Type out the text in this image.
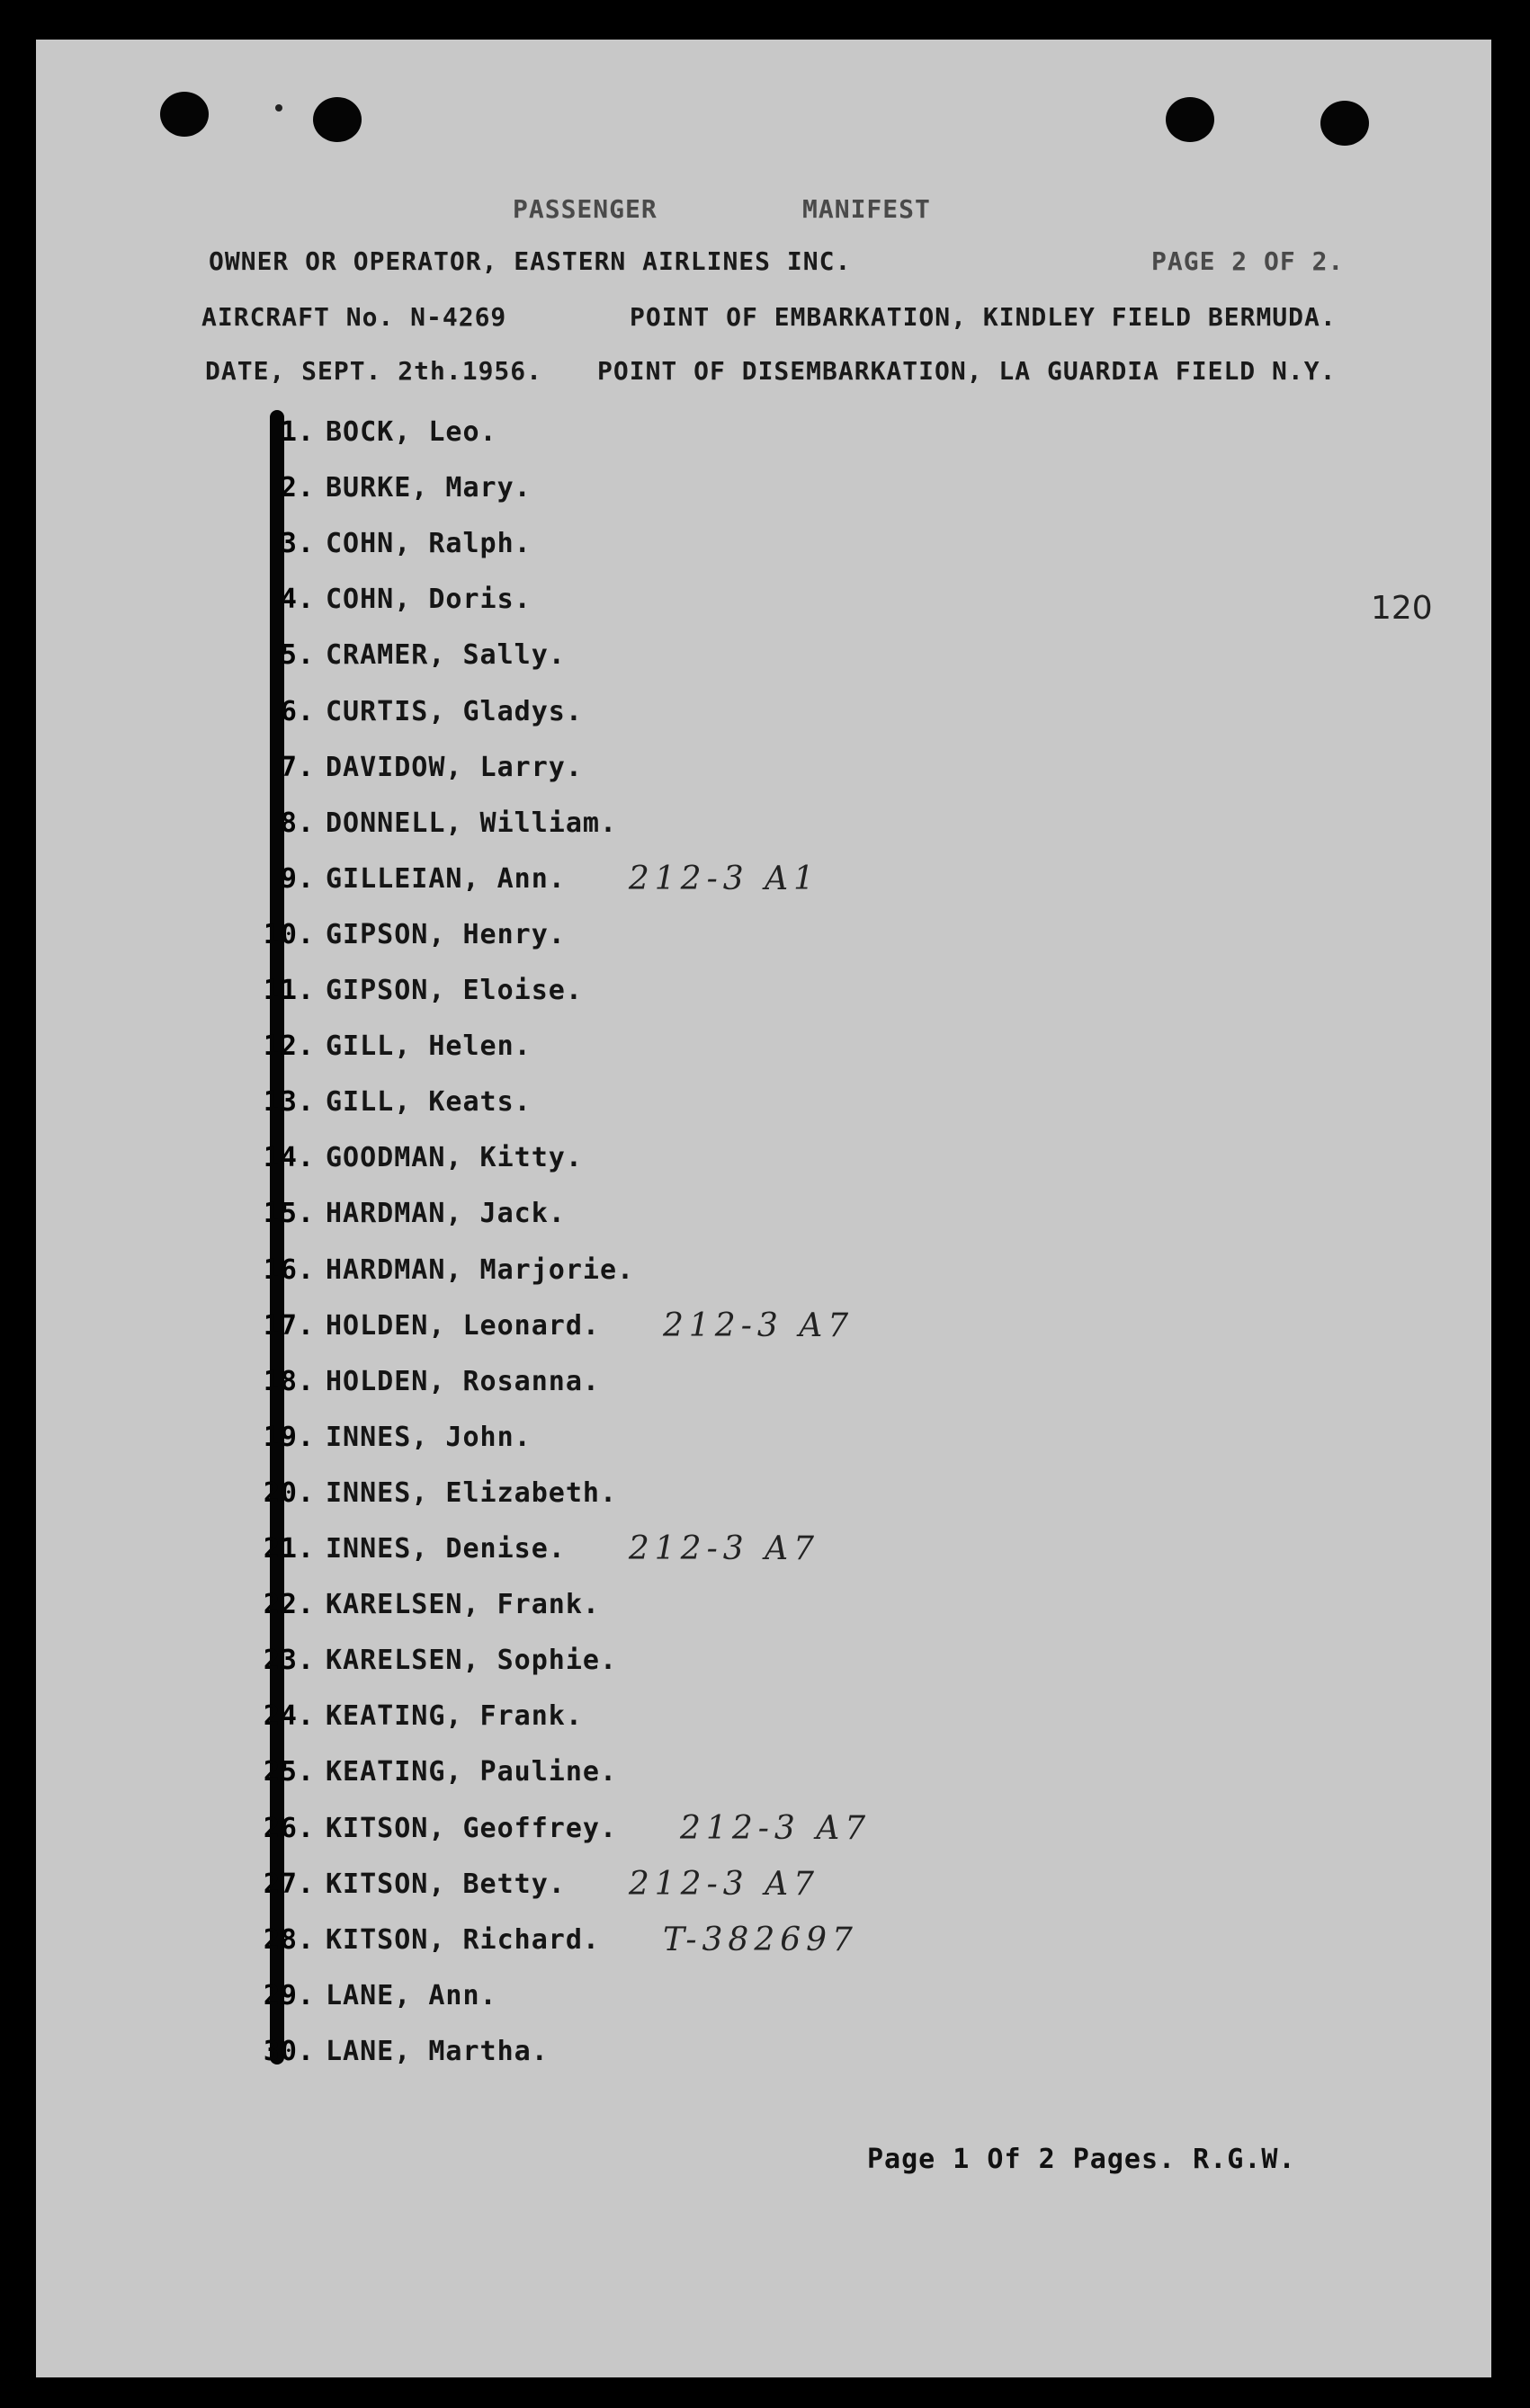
PASSENGER	MANIFEST
OWNER OR OPERATOR, EASTERN AIRLINES INC.	PAGE 2 OF 2.
AIRCRAFT No. N-4269	POINT OF EMBARKATION, KINDLEY FIELD BERMUDA.
DATE, SEPT. 2th.1956. POINT OF DISEMBARKATION, LA GUARDIA FIELD N.Y.
120
1. BOCK, Leo.
2. BURKE, Mary.
3. COHN, Ralph.
4. COHN, Doris.
5. CRAMER, Sally.
6. CURTIS, Gladys.
7. DAVIDOW, Larry.
8. DONNELL, William.
9. GILLEIAN, Ann. 212-3 A1
10. GIPSON, Henry.
11. GIPSON, Eloise.
12. GILL, Helen.
13. GILL, Keats.
14. GOODMAN, Kitty.
15. HARDMAN, Jack.
16. HARDMAN, Marjorie.
17. HOLDEN, Leonard. 212-3 A7
18. HOLDEN, Rosanna.
19. INNES, John.
20. INNES, Elizabeth.
21. INNES, Denise. 212-3 A7
22. KARELSEN, Frank.
23. KARELSEN, Sophie.
24. KEATING, Frank.
25. KEATING, Pauline.
26. KITSON, Geoffrey. 212-3 A7
27. KITSON, Betty. 212-3 A7
28. KITSON, Richard. T-382697
29. LANE, Ann.
30. LANE, Martha.
Page 1 Of 2 Pages. R.G.W.
